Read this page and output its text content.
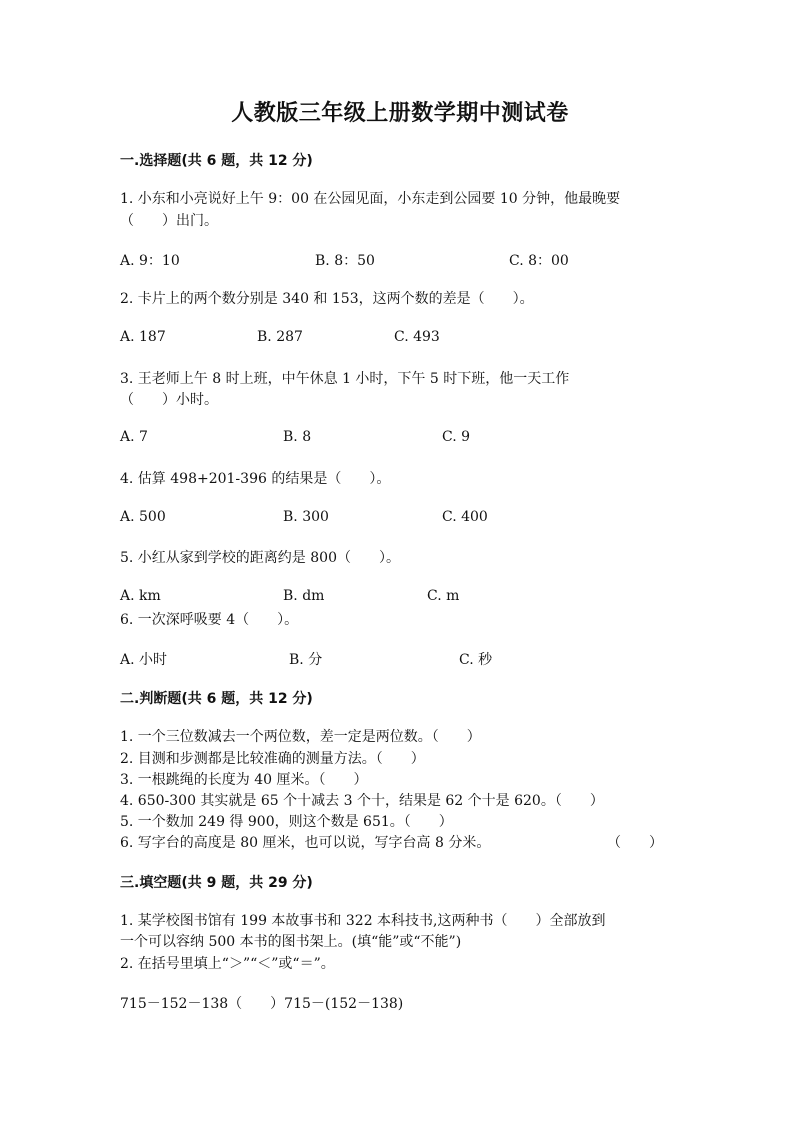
人教版三年级上册数学期中测试卷
一.选择题(共 6 题，共 12 分)
1. 小东和小亮说好上午 9：00 在公园见面，小东走到公园要 10 分钟，他最晚要
（　　）出门。
A. 9：10	B. 8：50	C. 8：00
2. 卡片上的两个数分别是 340 和 153，这两个数的差是（　　）。
A. 187	B. 287	C. 493
3. 王老师上午 8 时上班，中午休息 1 小时，下午 5 时下班，他一天工作
（　　）小时。
A. 7	B. 8	C. 9
4. 估算 498+201-396 的结果是（　　）。
A. 500	B. 300	C. 400
5. 小红从家到学校的距离约是 800（　　）。
A. km	B. dm	C. m
6. 一次深呼吸要 4（　　）。
A. 小时	B. 分	C. 秒
二.判断题(共 6 题，共 12 分)
1. 一个三位数减去一个两位数，差一定是两位数。（　　）
2. 目测和步测都是比较准确的测量方法。（　　）
3. 一根跳绳的长度为 40 厘米。（　　）
4. 650-300 其实就是 65 个十减去 3 个十，结果是 62 个十是 620。（　　）
5. 一个数加 249 得 900，则这个数是 651。（　　）
6. 写字台的高度是 80 厘米，也可以说，写字台高 8 分米。	（　　）
三.填空题(共 9 题，共 29 分)
1. 某学校图书馆有 199 本故事书和 322 本科技书,这两种书（　　）全部放到
一个可以容纳 500 本书的图书架上。(填“能”或“不能”)
2. 在括号里填上“＞”“＜”或“＝”。
715－152－138（　　）715－(152－138)
